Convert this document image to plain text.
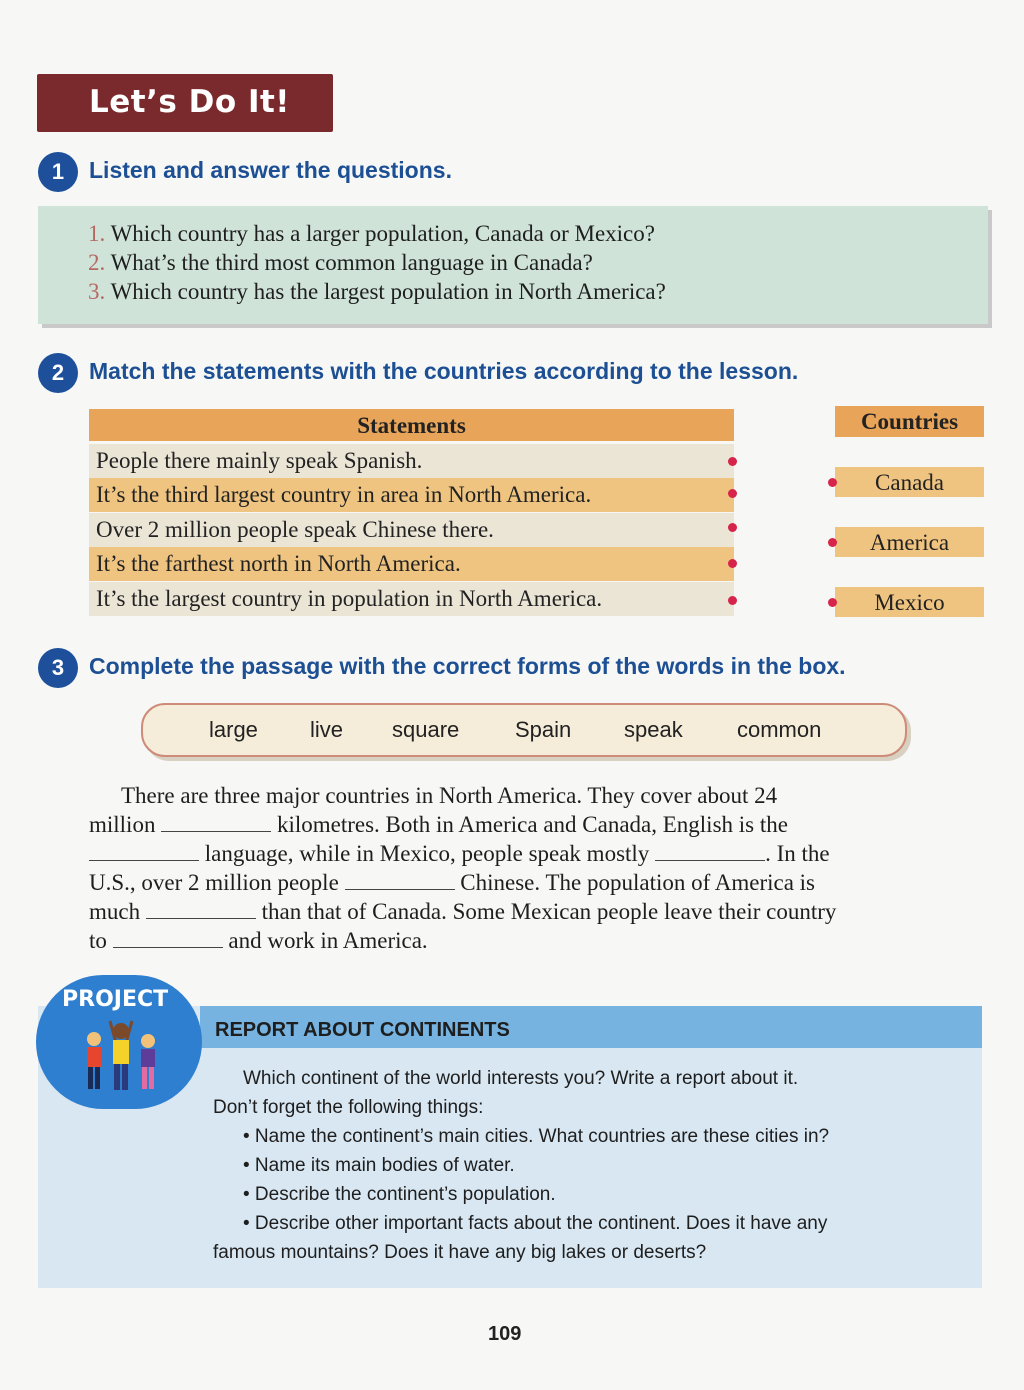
Let’s Do It!
1	Listen and answer the questions.
1. Which country has a larger population, Canada or Mexico?
2. What’s the third most common language in Canada?
3. Which country has the largest population in North America?
2	Match the statements with the countries according to the lesson.
Statements
People there mainly speak Spanish.
It’s the third largest country in area in North America.
Over 2 million people speak Chinese there.
It’s the farthest north in North America.
It’s the largest country in population in North America.
Countries
Canada
America
Mexico
3	Complete the passage with the correct forms of the words in the box.
large live square	Spain speak common
There are three major countries in North America. They cover about 24
million	kilometres. Both in America and Canada, English is the
language, while in Mexico, people speak mostly	. In the
U.S., over 2 million people	Chinese. The population of America is
much	than that of Canada. Some Mexican people leave their country
to	and work in America.
PROJECT
REPORT ABOUT CONTINENTS
Which continent of the world interests you? Write a report about it.
Don’t forget the following things:
• Name the continent’s main cities. What countries are these cities in?
• Name its main bodies of water.
• Describe the continent’s population.
• Describe other important facts about the continent. Does it have any
famous mountains? Does it have any big lakes or deserts?
109
